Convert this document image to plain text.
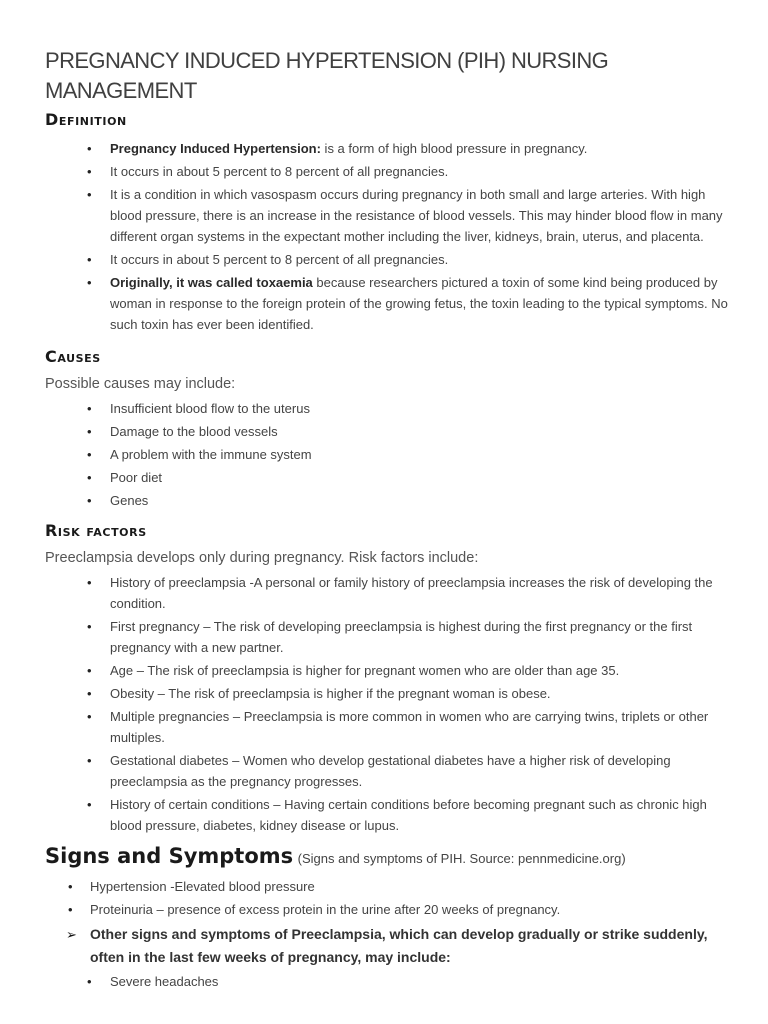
PREGNANCY INDUCED HYPERTENSION (PIH) NURSING MANAGEMENT
Definition
• Pregnancy Induced Hypertension: is a form of high blood pressure in pregnancy.
• It occurs in about 5 percent to 8 percent of all pregnancies.
• It is a condition in which vasospasm occurs during pregnancy in both small and large arteries. With high blood pressure, there is an increase in the resistance of blood vessels. This may hinder blood flow in many different organ systems in the expectant mother including the liver, kidneys, brain, uterus, and placenta.
• It occurs in about 5 percent to 8 percent of all pregnancies.
• Originally, it was called toxaemia because researchers pictured a toxin of some kind being produced by woman in response to the foreign protein of the growing fetus, the toxin leading to the typical symptoms. No such toxin has ever been identified.
Causes

Possible causes may include:

• Insufficient blood flow to the uterus
• Damage to the blood vessels
• A problem with the immune system
• Poor diet
• Genes
Risk factors

Preeclampsia develops only during pregnancy. Risk factors include:

• History of preeclampsia -A personal or family history of preeclampsia increases the risk of developing the condition.
• First pregnancy – The risk of developing preeclampsia is highest during the first pregnancy or the first pregnancy with a new partner.
• Age – The risk of preeclampsia is higher for pregnant women who are older than age 35.
• Obesity – The risk of preeclampsia is higher if the pregnant woman is obese.
• Multiple pregnancies – Preeclampsia is more common in women who are carrying twins, triplets or other multiples.
• Gestational diabetes – Women who develop gestational diabetes have a higher risk of developing preeclampsia as the pregnancy progresses.
• History of certain conditions – Having certain conditions before becoming pregnant such as chronic high blood pressure, diabetes, kidney disease or lupus.
Signs and Symptoms (Signs and symptoms of PIH. Source: pennmedicine.org)
• Hypertension -Elevated blood pressure
• Proteinuria – presence of excess protein in the urine after 20 weeks of pregnancy.
➢ Other signs and symptoms of Preeclampsia, which can develop gradually or strike suddenly, often in the last few weeks of pregnancy, may include:
• Severe headaches
